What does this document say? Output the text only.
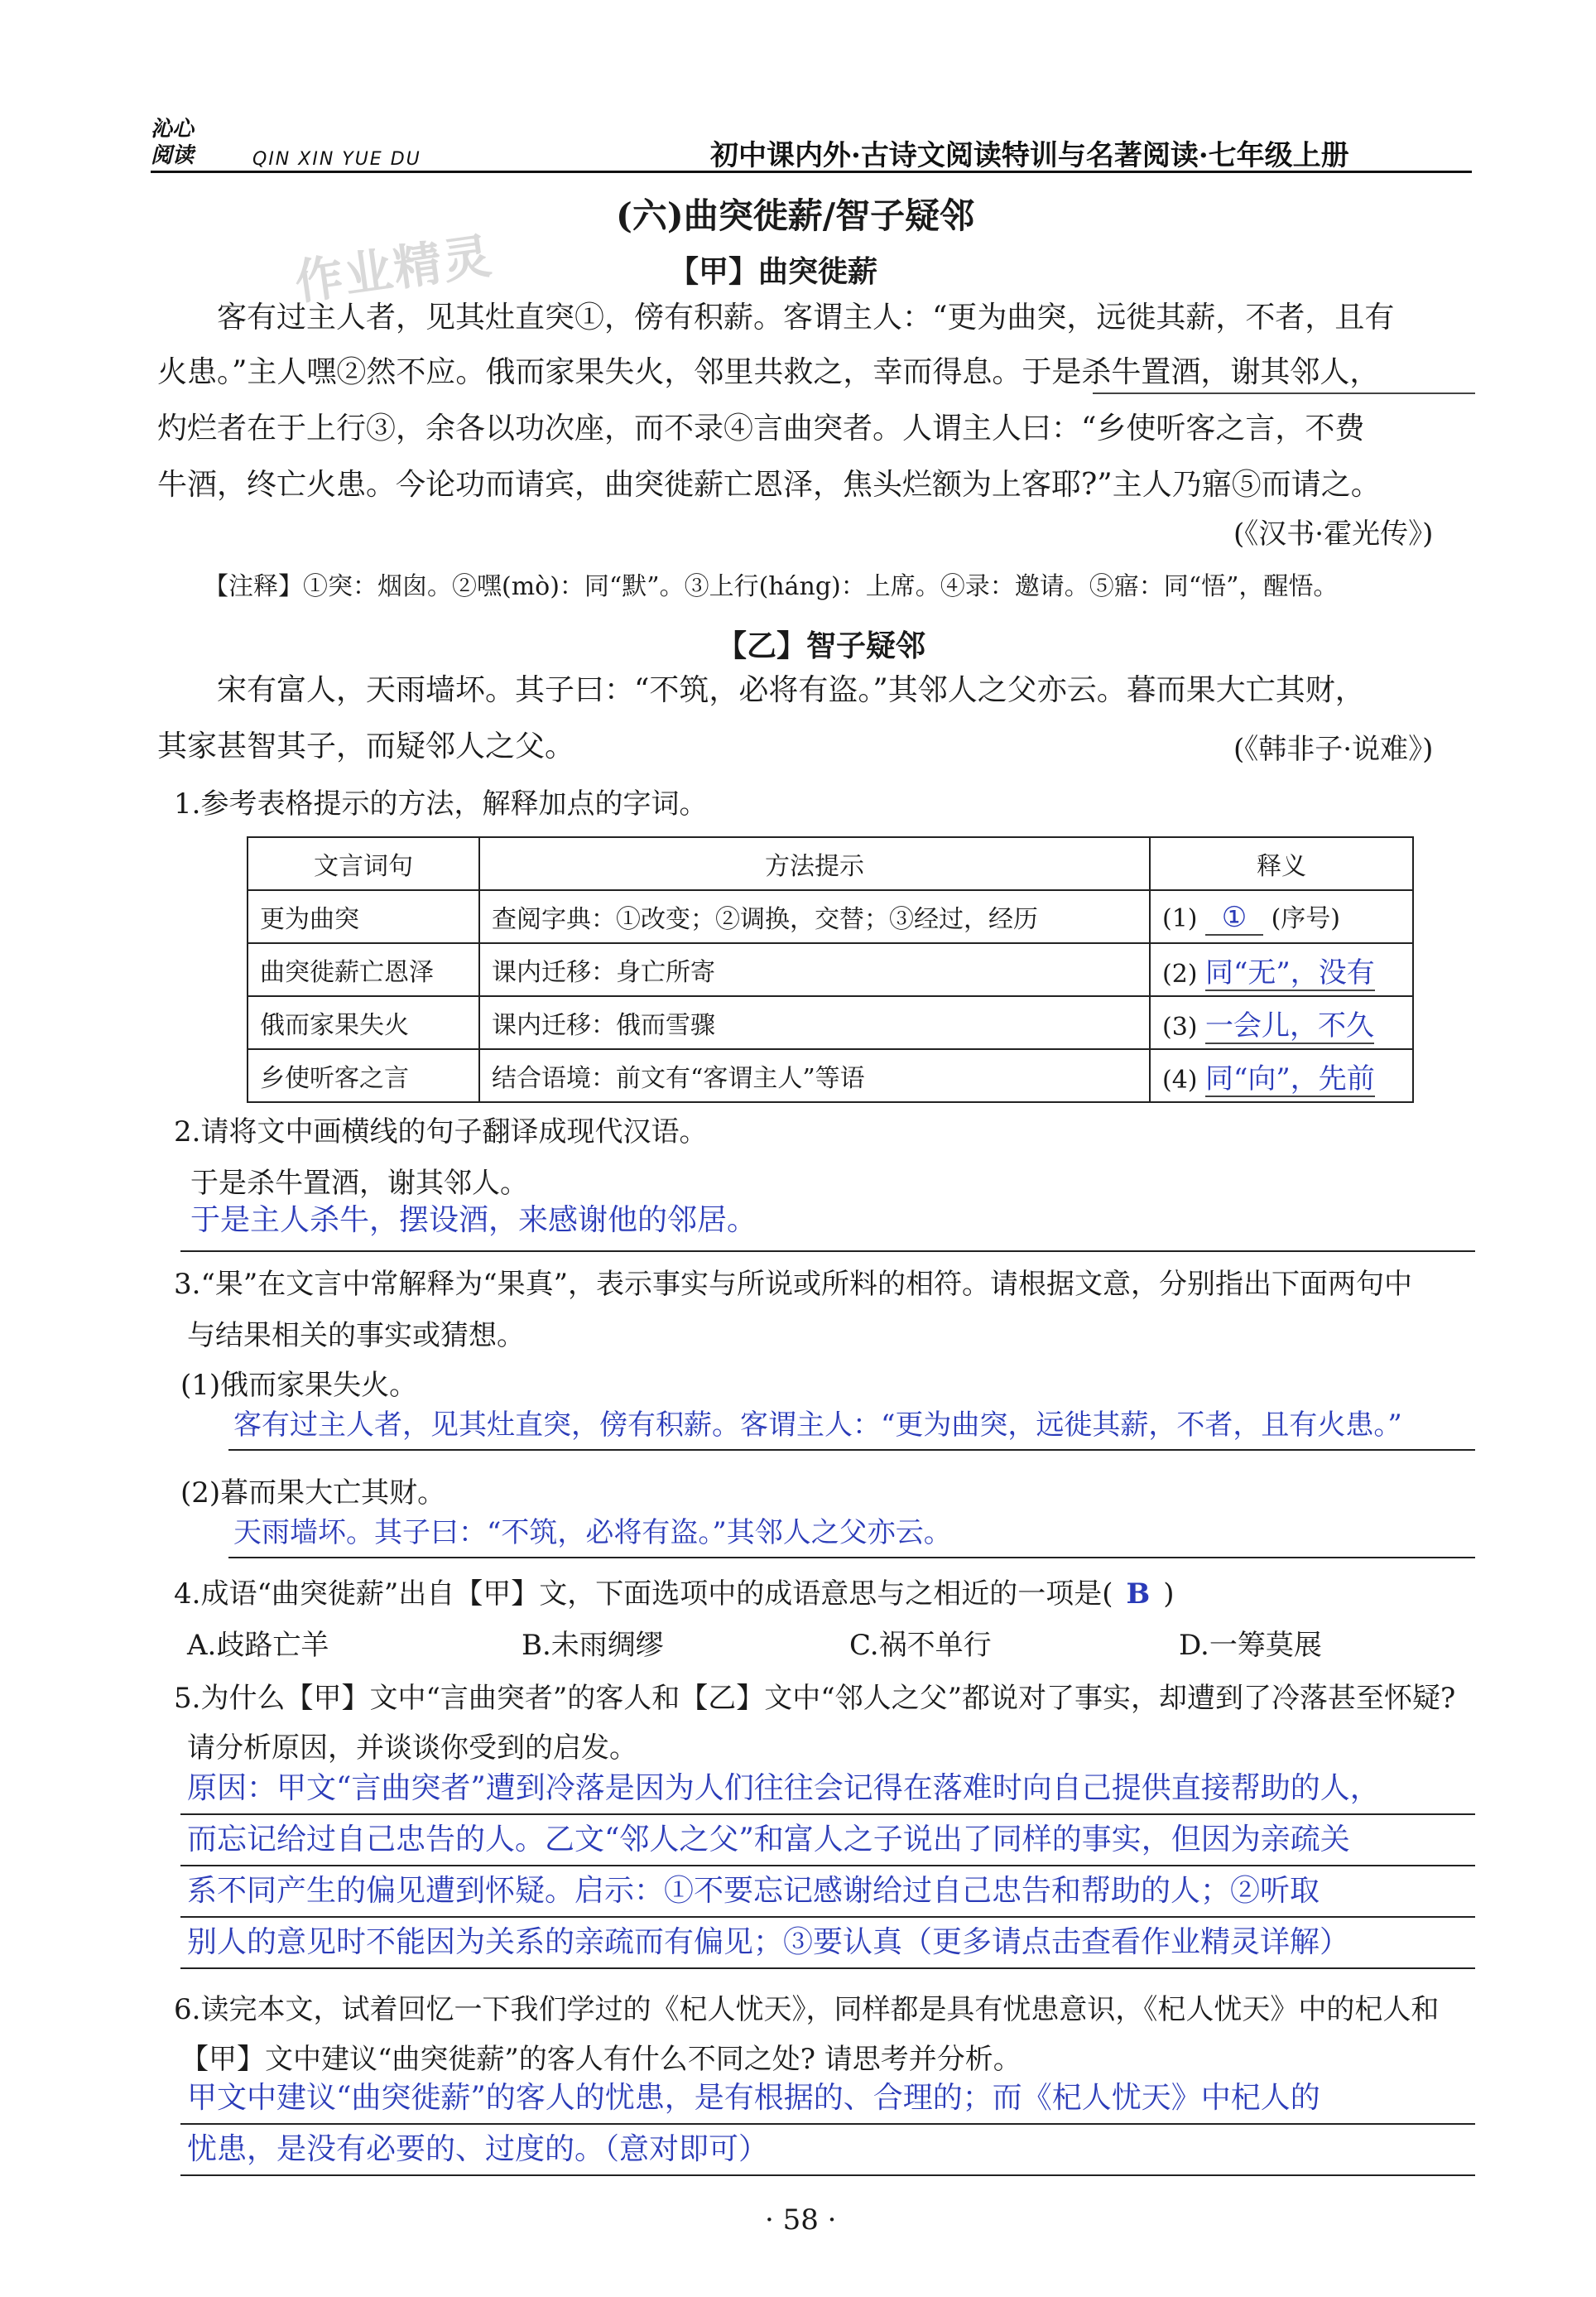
沁心
阅读	QIN XIN YUE DU	初中课内外·古诗文阅读特训与名著阅读·七年级上册
作业精灵
(六)曲突徙薪/智子疑邻
【甲】曲突徙薪
客有过主人者，见其灶直突①，傍有积薪。客谓主人：“更为曲突，远徙其薪，不者，且有
火患。”主人嘿②然不应。俄而家果失火，邻里共救之，幸而得息。于是杀牛置酒，谢其邻人，
灼烂者在于上行③，余各以功次座，而不录④言曲突者。人谓主人曰：“乡使听客之言，不费
牛酒，终亡火患。今论功而请宾，曲突徙薪亡恩泽，焦头烂额为上客耶?”主人乃寤⑤而请之。
(《汉书·霍光传》)
【注释】①突：烟囱。②嘿(mò)：同“默”。③上行(háng)：上席。④录：邀请。⑤寤：同“悟”，醒悟。
【乙】智子疑邻
宋有富人，天雨墙坏。其子曰：“不筑，必将有盗。”其邻人之父亦云。暮而果大亡其财，
其家甚智其子，而疑邻人之父。	(《韩非子·说难》)
1.参考表格提示的方法，解释加点的字词。
文言词句	方法提示	释义
更为曲突	查阅字典：①改变；②调换，交替；③经过，经历	(1) ① (序号)
曲突徙薪亡恩泽	课内迁移：身亡所寄	(2) 同“无”，没有
俄而家果失火	课内迁移：俄而雪骤	(3) 一会儿，不久
乡使听客之言	结合语境：前文有“客谓主人”等语	(4) 同“向”，先前
2.请将文中画横线的句子翻译成现代汉语。
于是杀牛置酒，谢其邻人。
于是主人杀牛，摆设酒，来感谢他的邻居。
3.“果”在文言中常解释为“果真”，表示事实与所说或所料的相符。请根据文意，分别指出下面两句中
与结果相关的事实或猜想。
(1)俄而家果失火。
客有过主人者，见其灶直突，傍有积薪。客谓主人：“更为曲突，远徙其薪，不者，且有火患。”
(2)暮而果大亡其财。
天雨墙坏。其子曰：“不筑，必将有盗。”其邻人之父亦云。
4.成语“曲突徙薪”出自【甲】文，下面选项中的成语意思与之相近的一项是( B )
A.歧路亡羊	B.未雨绸缪	C.祸不单行	D.一筹莫展
5.为什么【甲】文中“言曲突者”的客人和【乙】文中“邻人之父”都说对了事实，却遭到了冷落甚至怀疑?
请分析原因，并谈谈你受到的启发。
原因：甲文“言曲突者”遭到冷落是因为人们往往会记得在落难时向自己提供直接帮助的人，
而忘记给过自己忠告的人。乙文“邻人之父”和富人之子说出了同样的事实，但因为亲疏关
系不同产生的偏见遭到怀疑。启示：①不要忘记感谢给过自己忠告和帮助的人；②听取
别人的意见时不能因为关系的亲疏而有偏见；③要认真（更多请点击查看作业精灵详解）
6.读完本文，试着回忆一下我们学过的《杞人忧天》，同样都是具有忧患意识，《杞人忧天》中的杞人和
【甲】文中建议“曲突徙薪”的客人有什么不同之处? 请思考并分析。
甲文中建议“曲突徙薪”的客人的忧患，是有根据的、合理的；而《杞人忧天》中杞人的
忧患，是没有必要的、过度的。（意对即可）
· 58 ·
